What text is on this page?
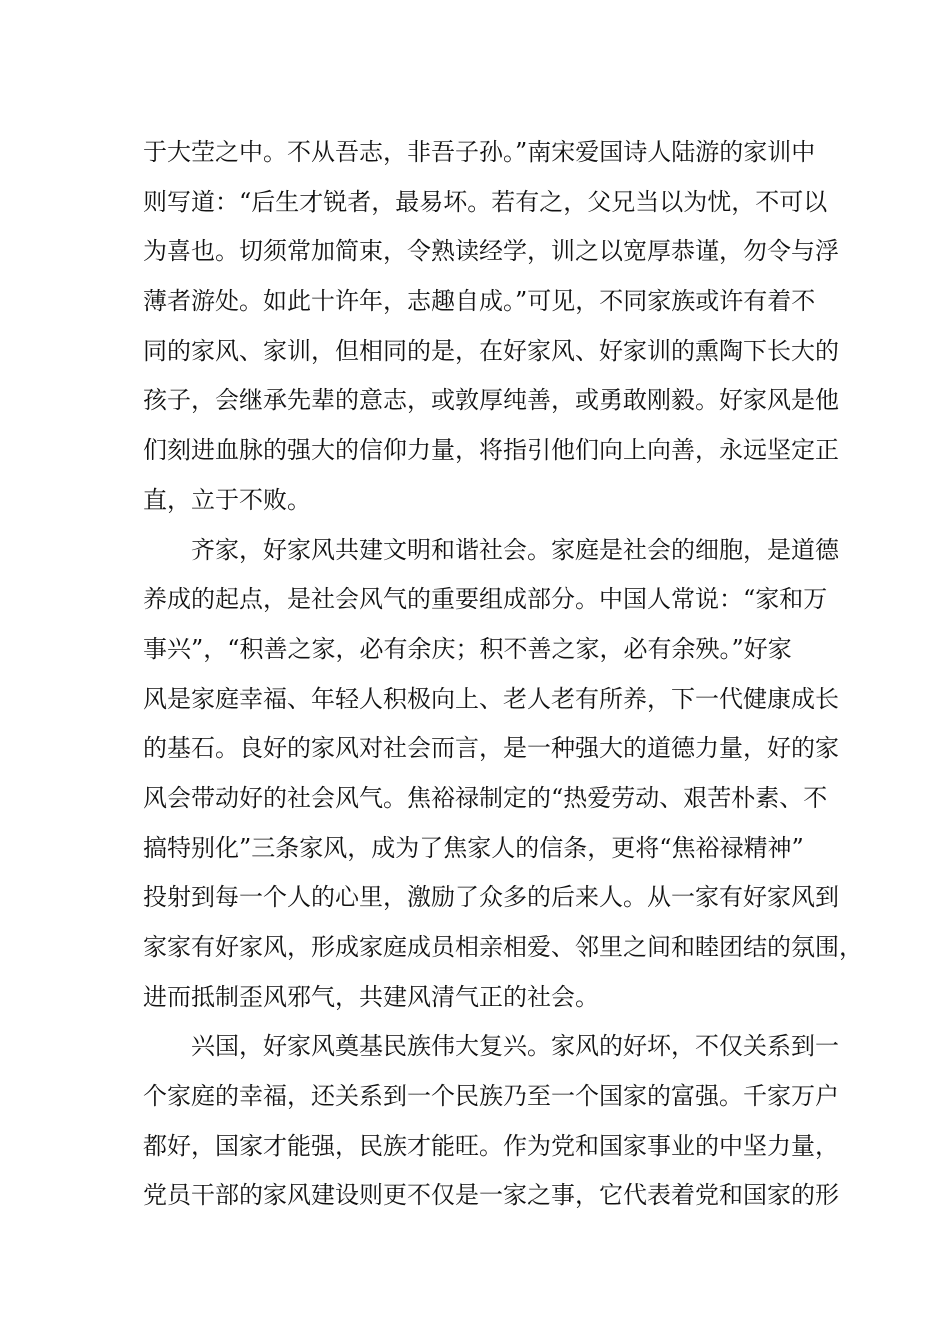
于大茔之中。不从吾志，非吾子孙。”南宋爱国诗人陆游的家训中
则写道：“后生才锐者，最易坏。若有之，父兄当以为忧，不可以
为喜也。切须常加简束，令熟读经学，训之以宽厚恭谨，勿令与浮
薄者游处。如此十许年，志趣自成。”可见，不同家族或许有着不
同的家风、家训，但相同的是，在好家风、好家训的熏陶下长大的
孩子，会继承先辈的意志，或敦厚纯善，或勇敢刚毅。好家风是他
们刻进血脉的强大的信仰力量，将指引他们向上向善，永远坚定正
直，立于不败。
齐家，好家风共建文明和谐社会。家庭是社会的细胞，是道德
养成的起点，是社会风气的重要组成部分。中国人常说：“家和万
事兴”，“积善之家，必有余庆；积不善之家，必有余殃。”好家
风是家庭幸福、年轻人积极向上、老人老有所养，下一代健康成长
的基石。良好的家风对社会而言，是一种强大的道德力量，好的家
风会带动好的社会风气。焦裕禄制定的“热爱劳动、艰苦朴素、不
搞特别化”三条家风，成为了焦家人的信条，更将“焦裕禄精神”
投射到每一个人的心里，激励了众多的后来人。从一家有好家风到
家家有好家风，形成家庭成员相亲相爱、邻里之间和睦团结的氛围，
进而抵制歪风邪气，共建风清气正的社会。
兴国，好家风奠基民族伟大复兴。家风的好坏，不仅关系到一
个家庭的幸福，还关系到一个民族乃至一个国家的富强。千家万户
都好，国家才能强，民族才能旺。作为党和国家事业的中坚力量，
党员干部的家风建设则更不仅是一家之事，它代表着党和国家的形
